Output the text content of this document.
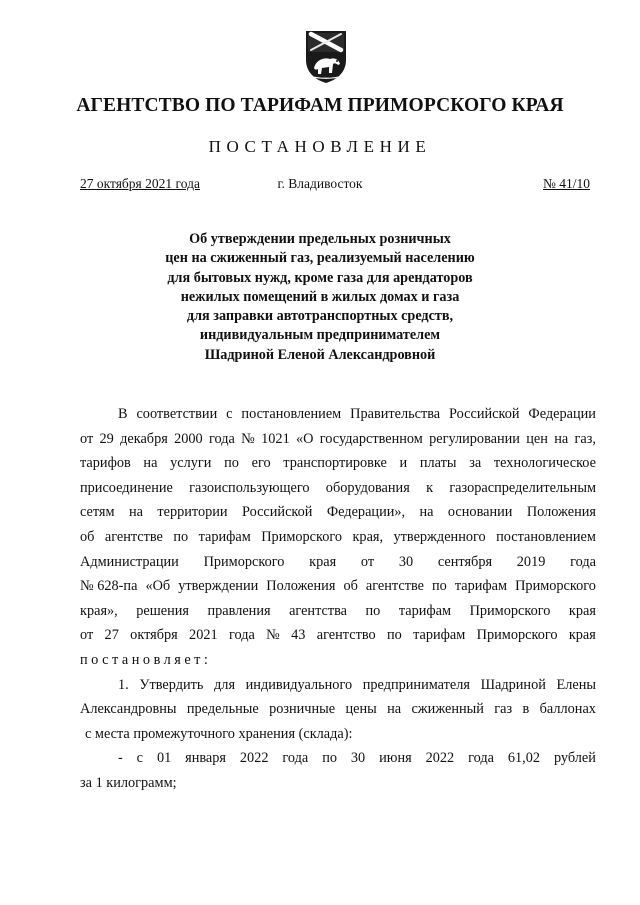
АГЕНТСТВО ПО ТАРИФАМ ПРИМОРСКОГО КРАЯ
ПОСТАНОВЛЕНИЕ
27 октября 2021 года	г. Владивосток	№ 41/10
Об утверждении предельных розничных
цен на сжиженный газ, реализуемый населению
для бытовых нужд, кроме газа для арендаторов
нежилых помещений в жилых домах и газа
для заправки автотранспортных средств,
индивидуальным предпринимателем
Шадриной Еленой Александровной
В соответствии с постановлением Правительства Российской Федерации
от 29 декабря 2000 года № 1021 «О государственном регулировании цен на газ,
тарифов на услуги по его транспортировке и платы за технологическое
присоединение газоиспользующего оборудования к газораспределительным
сетям на территории Российской Федерации», на основании Положения
об агентстве по тарифам Приморского края, утвержденного постановлением
Администрации Приморского края от 30 сентября 2019 года
№ 628-па «Об утверждении Положения об агентстве по тарифам Приморского
края», решения правления агентства по тарифам Приморского края
от 27 октября 2021 года № 43 агентство по тарифам Приморского края
постановляет:
1. Утвердить для индивидуального предпринимателя Шадриной Елены
Александровны предельные розничные цены на сжиженный газ в баллонах
с места промежуточного хранения (склада):
- с 01 января 2022 года по 30 июня 2022 года 61,02 рублей
за 1 килограмм;
